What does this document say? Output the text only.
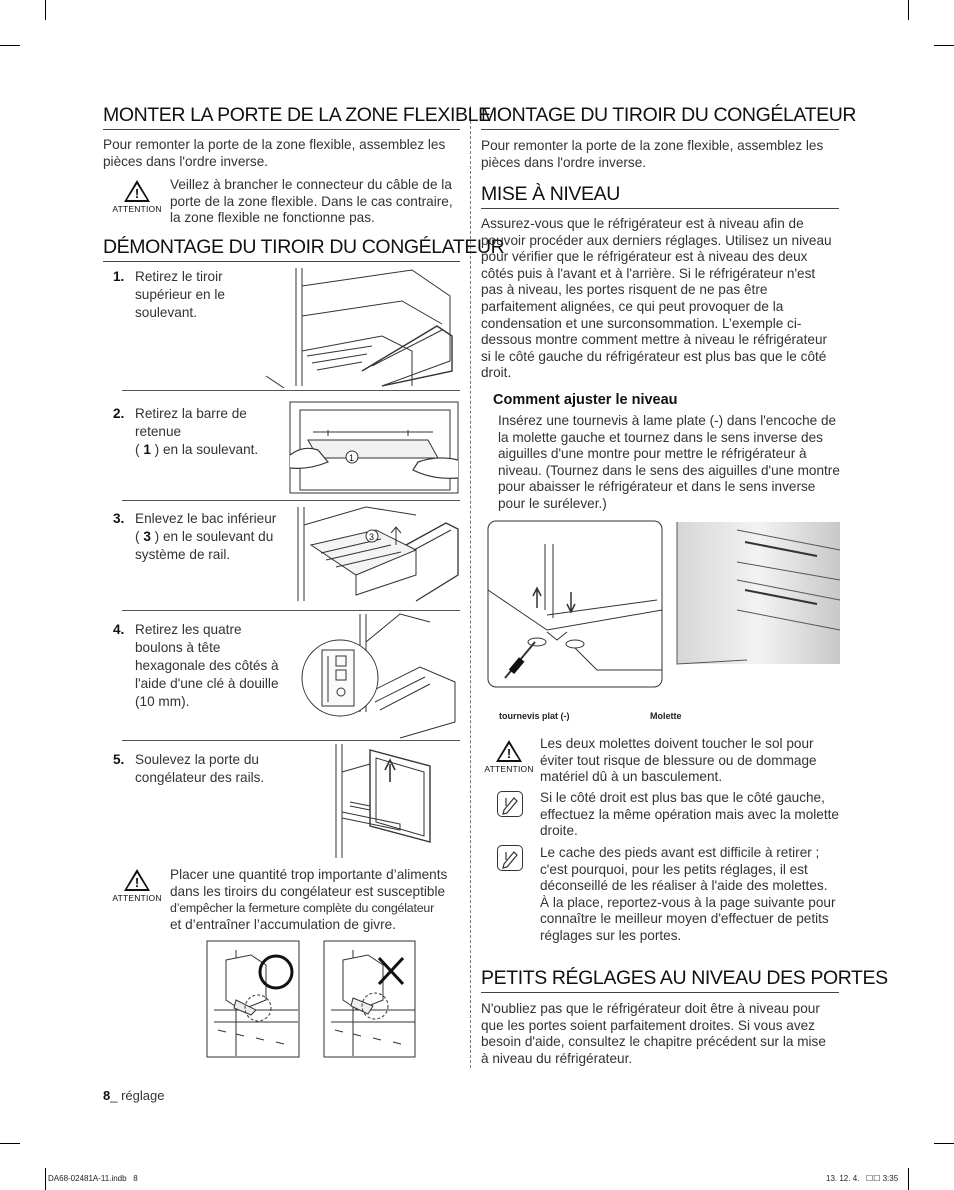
MONTER LA PORTE DE LA ZONE FLEXIBLE

Pour remonter la porte de la zone flexible, assemblez les pièces dans l'ordre inverse.

!
ATTENTION

Veillez à brancher le connecteur du câble de la porte de la zone flexible. Dans le cas contraire, la zone flexible ne fonctionne pas.

DÉMONTAGE DU TIROIR DU CONGÉLATEUR
1. Retirez le tiroir supérieur en le soulevant.
2. Retirez la barre de retenue
( 1 ) en la soulevant.
1
3. Enlevez le bac inférieur ( 3 ) en le soulevant du système de rail.
3
4. Retirez les quatre boulons à tête hexagonale des côtés à l'aide d'une clé à douille (10 mm).
5. Soulevez la porte du congélateur des rails.
!
ATTENTION

Placer une quantité trop importante d’aliments dans les tiroirs du congélateur est susceptible
d’empêcher la fermeture complète du congélateur
et d’entraîner l’accumulation de givre.

MONTAGE DU TIROIR DU CONGÉLATEUR

Pour remonter la porte de la zone flexible, assemblez les pièces dans l'ordre inverse.

MISE À NIVEAU

Assurez-vous que le réfrigérateur est à niveau afin de pouvoir procéder aux derniers réglages. Utilisez un niveau pour vérifier que le réfrigérateur est à niveau des deux côtés puis à l'avant et à l'arrière. Si le réfrigérateur n'est pas à niveau, les portes risquent de ne pas être parfaitement alignées, ce qui peut provoquer de la condensation et une surconsommation. L’exemple ci-dessous montre comment mettre à niveau le réfrigérateur si le côté gauche du réfrigérateur est plus bas que le côté droit.

Comment ajuster le niveau

Insérez une tournevis à lame plate (-) dans l'encoche de la molette gauche et tournez dans le sens inverse des aiguilles d'une montre pour mettre le réfrigérateur à niveau. (Tournez dans le sens des aiguilles d'une montre pour abaisser le réfrigérateur et dans le sens inverse pour le surélever.)

tournevis plat (-)	Molette
!
ATTENTION

Les deux molettes doivent toucher le sol pour éviter tout risque de blessure ou de dommage matériel dû à un basculement.

Si le côté droit est plus bas que le côté gauche, effectuez la même opération mais avec la molette droite.

Le cache des pieds avant est difficile à retirer ; c'est pourquoi, pour les petits réglages, il est déconseillé de les réaliser à l'aide des molettes. À la place, reportez-vous à la page suivante pour connaître le meilleur moyen d'effectuer de petits réglages sur les portes.

PETITS RÉGLAGES AU NIVEAU DES PORTES

N'oubliez pas que le réfrigérateur doit être à niveau pour que les portes soient parfaitement droites. Si vous avez besoin d'aide, consultez le chapitre précédent sur la mise à niveau du réfrigérateur.

8_ réglage
DA68-02481A-11.indb   8	13. 12. 4.   ☐☐ 3:35
